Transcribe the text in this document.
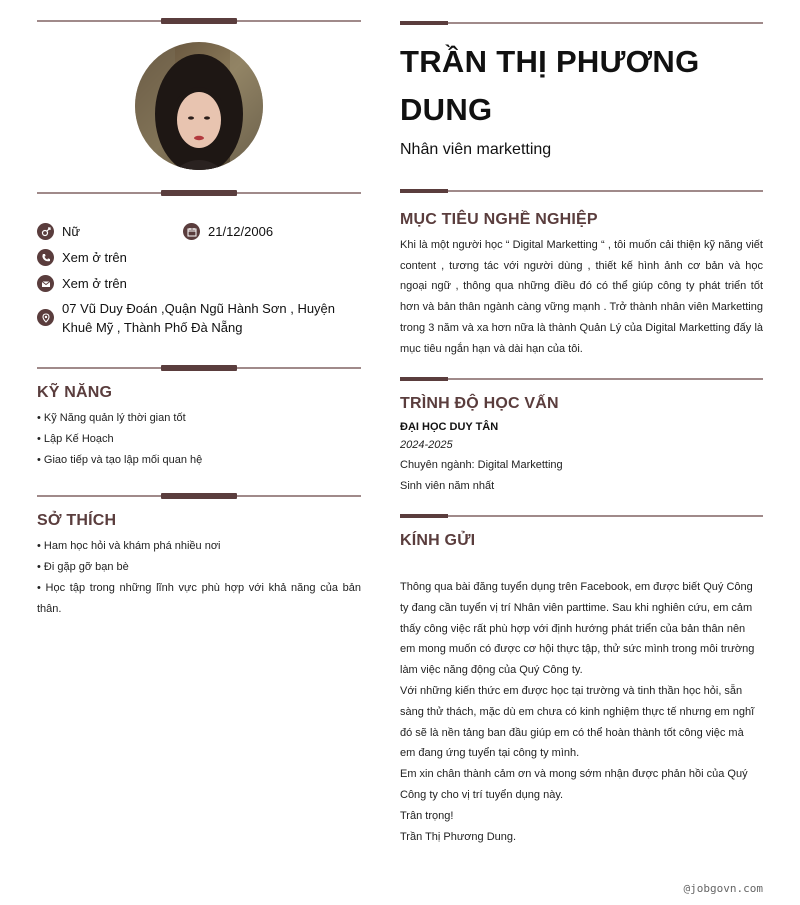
Nữ	21/12/2006
Xem ở trên
Xem ở trên
07 Vũ Duy Đoán ,Quận Ngũ Hành Sơn , Huyện Khuê Mỹ , Thành Phố Đà Nẵng
KỸ NĂNG
• Kỹ Năng quản lý thời gian tốt
• Lập Kế Hoạch
• Giao tiếp và tạo lập mối quan hệ
SỞ THÍCH
• Ham học hỏi và khám phá nhiều nơi
• Đi gặp gỡ bạn bè
• Học tập trong những lĩnh vực phù hợp với khả năng của bản thân.
TRẦN THỊ PHƯƠNG DUNG
Nhân viên marketting
MỤC TIÊU NGHỀ NGHIỆP
Khi là một người học “ Digital Marketting “ , tôi muốn cải thiện kỹ năng viết content , tương tác với người dùng , thiết kế hình ảnh cơ bản và học ngoại ngữ , thông qua những điều đó có thể giúp công ty phát triển tốt hơn và bản thân ngành càng vững mạnh . Trở thành nhân viên Marketting trong 3 năm và xa hơn nữa là thành Quản Lý của Digital Marketting đấy là mục tiêu ngắn hạn và dài hạn của tôi.
TRÌNH ĐỘ HỌC VẤN
ĐẠI HỌC DUY TÂN
2024-2025
Chuyên ngành: Digital Marketting
Sinh viên năm nhất
KÍNH GỬI
Thông qua bài đăng tuyển dụng trên Facebook, em được biết Quý Công ty đang cần tuyển vị trí Nhân viên parttime. Sau khi nghiên cứu, em cảm thấy công việc rất phù hợp với định hướng phát triển của bản thân nên em mong muốn có được cơ hội thực tập, thử sức mình trong môi trường làm việc năng động của Quý Công ty.
Với những kiến thức em được học tại trường và tinh thần học hỏi, sẵn sàng thử thách, mặc dù em chưa có kinh nghiệm thực tế nhưng em nghĩ đó sẽ là nền tảng ban đầu giúp em có thể hoàn thành tốt công việc mà em đang ứng tuyển tại công ty mình.
Em xin chân thành cảm ơn và mong sớm nhận được phản hồi của Quý Công ty cho vị trí tuyển dụng này.
Trân trọng!
Trần Thị Phương Dung.
@jobgovn.com
